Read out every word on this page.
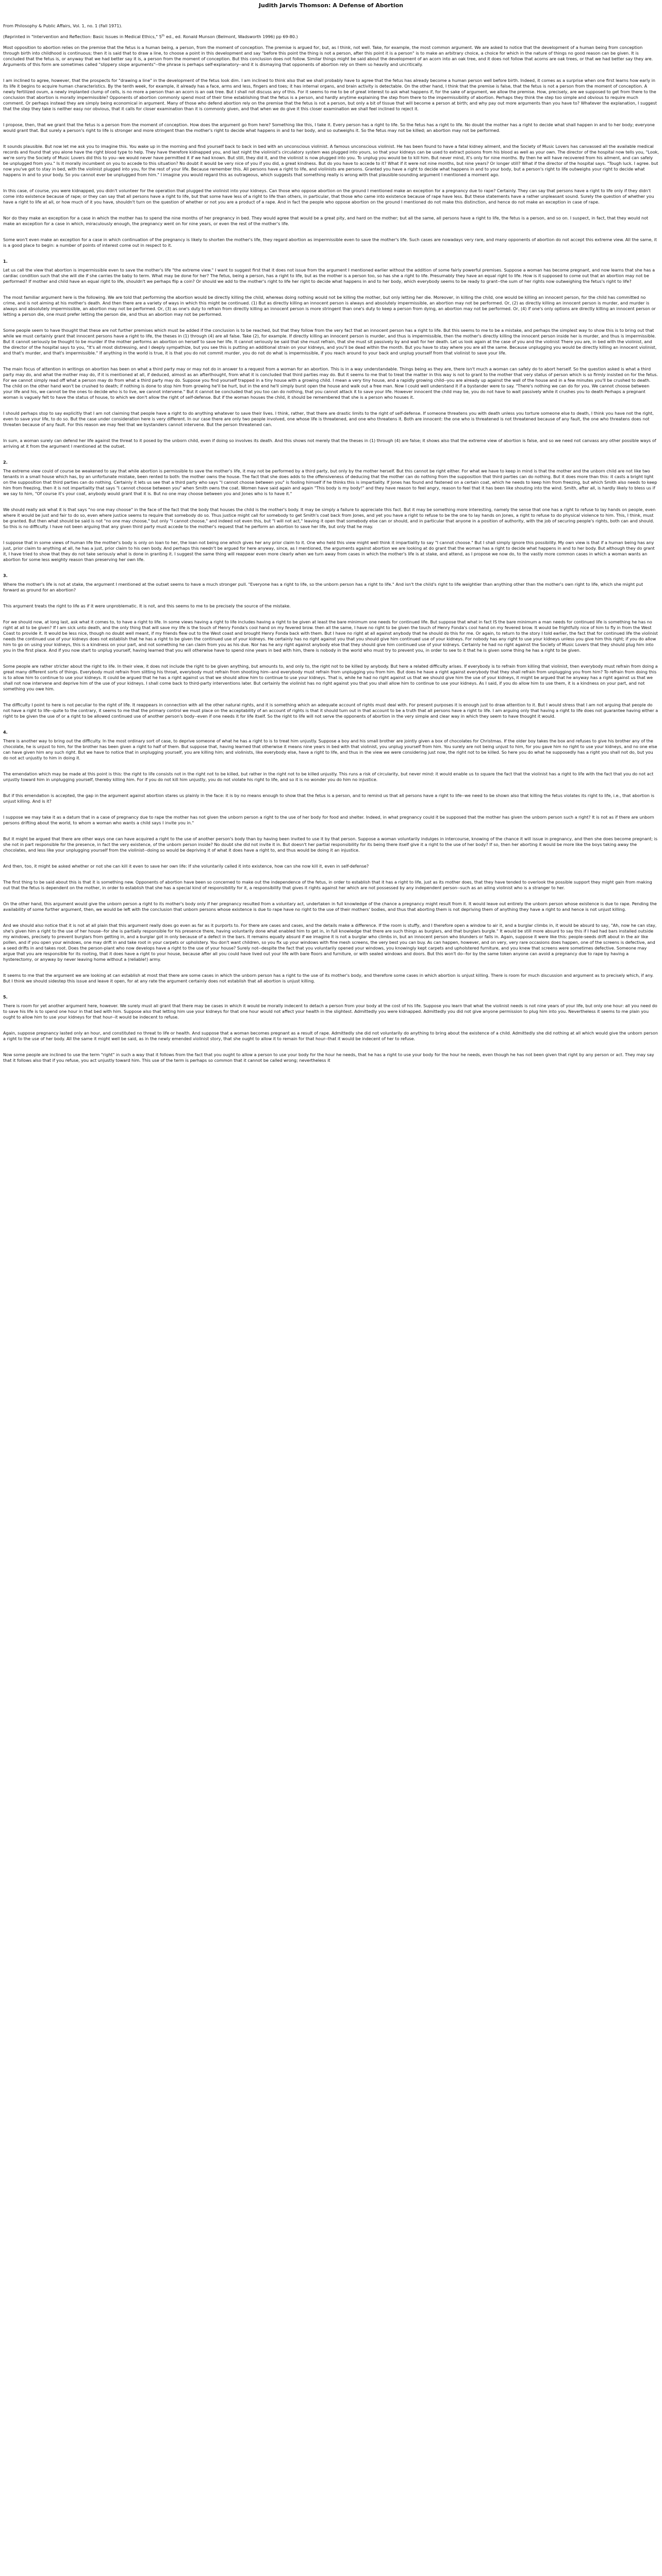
Judith Jarvis Thomson: A Defense of Abortion

From Philosophy & Public Affairs, Vol. 1, no. 1 (Fall 1971).

(Reprinted in "Intervention and Reflection: Basic Issues in Medical Ethics," 5th ed., ed. Ronald Munson (Belmont, Wadsworth 1996) pp 69-80.)

Most opposition to abortion relies on the premise that the fetus is a human being, a person, from the moment of conception. The premise is argued for, but, as I think, not well. Take, for example, the most common argument. We are asked to notice that the development of a human being from conception through birth into childhood is continuous; then it is said that to draw a line, to choose a point in this development and say "before this point the thing is not a person, after this point it is a person" is to make an arbitrary choice, a choice for which in the nature of things no good reason can be given. It is concluded that the fetus is, or anyway that we had better say it is, a person from the moment of conception. But this conclusion does not follow. Similar things might be said about the development of an acorn into an oak tree, and it does not follow that acorns are oak trees, or that we had better say they are. Arguments of this form are sometimes called "slippery slope arguments"--the phrase is perhaps self-explanatory--and it is dismaying that opponents of abortion rely on them so heavily and uncritically.

I am inclined to agree, however, that the prospects for "drawing a line" in the development of the fetus look dim. I am inclined to think also that we shall probably have to agree that the fetus has already become a human person well before birth. Indeed, it comes as a surprise when one first learns how early in its life it begins to acquire human characteristics. By the tenth week, for example, it already has a face, arms and less, fingers and toes; it has internal organs, and brain activity is detectable. On the other hand, I think that the premise is false, that the fetus is not a person from the moment of conception. A newly fertilized ovum, a newly implanted clump of cells, is no more a person than an acorn is an oak tree. But I shall not discuss any of this. For it seems to me to be of great interest to ask what happens if, for the sake of argument, we allow the premise. How, precisely, are we supposed to get from there to the conclusion that abortion is morally impermissible? Opponents of abortion commonly spend most of their time establishing that the fetus is a person, and hardly anytime explaining the step from there to the impermissibility of abortion. Perhaps they think the step too simple and obvious to require much comment. Or perhaps instead they are simply being economical in argument. Many of those who defend abortion rely on the premise that the fetus is not a person, but only a bit of tissue that will become a person at birth; and why pay out more arguments than you have to? Whatever the explanation, I suggest that the step they take is neither easy nor obvious, that it calls for closer examination than it is commonly given, and that when we do give it this closer examination we shall feel inclined to reject it.

I propose, then, that we grant that the fetus is a person from the moment of conception. How does the argument go from here? Something like this, I take it. Every person has a right to life. So the fetus has a right to life. No doubt the mother has a right to decide what shall happen in and to her body; everyone would grant that. But surely a person's right to life is stronger and more stringent than the mother's right to decide what happens in and to her body, and so outweighs it. So the fetus may not be killed; an abortion may not be performed.

It sounds plausible. But now let me ask you to imagine this. You wake up in the morning and find yourself back to back in bed with an unconscious violinist. A famous unconscious violinist. He has been found to have a fatal kidney ailment, and the Society of Music Lovers has canvassed all the available medical records and found that you alone have the right blood type to help. They have therefore kidnapped you, and last night the violinist's circulatory system was plugged into yours, so that your kidneys can be used to extract poisons from his blood as well as your own. The director of the hospital now tells you, "Look, we're sorry the Society of Music Lovers did this to you--we would never have permitted it if we had known. But still, they did it, and the violinist is now plugged into you. To unplug you would be to kill him. But never mind, it's only for nine months. By then he will have recovered from his ailment, and can safely be unplugged from you." Is it morally incumbent on you to accede to this situation? No doubt it would be very nice of you if you did, a great kindness. But do you have to accede to it? What if it were not nine months, but nine years? Or longer still? What if the director of the hospital says. "Tough luck. I agree. but now you've got to stay in bed, with the violinist plugged into you, for the rest of your life. Because remember this. All persons have a right to life, and violinists are persons. Granted you have a right to decide what happens in and to your body, but a person's right to life outweighs your right to decide what happens in and to your body. So you cannot ever be unplugged from him." I imagine you would regard this as outrageous, which suggests that something really is wrong with that plausible-sounding argument I mentioned a moment ago.

In this case, of course, you were kidnapped, you didn't volunteer for the operation that plugged the violinist into your kidneys. Can those who oppose abortion on the ground I mentioned make an exception for a pregnancy due to rape? Certainly. They can say that persons have a right to life only if they didn't come into existence because of rape; or they can say that all persons have a right to life, but that some have less of a right to life than others, in particular, that those who came into existence because of rape have less. But these statements have a rather unpleasant sound. Surely the question of whether you have a right to life at all, or how much of it you have, shouldn't turn on the question of whether or not you are a product of a rape. And in fact the people who oppose abortion on the ground I mentioned do not make this distinction, and hence do not make an exception in case of rape.

Nor do they make an exception for a case in which the mother has to spend the nine months of her pregnancy in bed. They would agree that would be a great pity, and hard on the mother; but all the same, all persons have a right to life, the fetus is a person, and so on. I suspect, in fact, that they would not make an exception for a case in which, miraculously enough, the pregnancy went on for nine years, or even the rest of the mother's life.

Some won't even make an exception for a case in which continuation of the pregnancy is likely to shorten the mother's life, they regard abortion as impermissible even to save the mother's life. Such cases are nowadays very rare, and many opponents of abortion do not accept this extreme view. All the same, it is a good place to begin: a number of points of interest come out in respect to it.

1.

Let us call the view that abortion is impermissible even to save the mother's life "the extreme view." I want to suggest first that it does not issue from the argument I mentioned earlier without the addition of some fairly powerful premises. Suppose a woman has become pregnant, and now learns that she has a cardiac condition such that she will die if she carries the baby to term. What may be done for her? The fetus, being a person, has a right to life, but as the mother is a person too, so has she a right to life. Presumably they have an equal right to life. How is it supposed to come out that an abortion may not be performed? If mother and child have an equal right to life, shouldn't we perhaps flip a coin? Or should we add to the mother's right to life her right to decide what happens in and to her body, which everybody seems to be ready to grant--the sum of her rights now outweighing the fetus's right to life?

The most familiar argument here is the following. We are told that performing the abortion would be directly killing the child, whereas doing nothing would not be killing the mother, but only letting her die. Moreover, in killing the child, one would be killing an innocent person, for the child has committed no crime, and is not aiming at his mother's death. And then there are a variety of ways in which this might be continued. (1) But as directly killing an innocent person is always and absolutely impermissible, an abortion may not be performed. Or, (2) as directly killing an innocent person is murder, and murder is always and absolutely impermissible, an abortion may not be performed. Or, (3) as one's duty to refrain from directly killing an innocent person is more stringent than one's duty to keep a person from dying, an abortion may not be performed. Or, (4) if one's only options are directly killing an innocent person or letting a person die, one must prefer letting the person die, and thus an abortion may not be performed.

Some people seem to have thought that these are not further premises which must be added if the conclusion is to be reached, but that they follow from the very fact that an innocent person has a right to life. But this seems to me to be a mistake, and perhaps the simplest way to show this is to bring out that while we must certainly grant that innocent persons have a right to life, the theses in (1) through (4) are all false. Take (2), for example. If directly killing an innocent person is murder, and thus is impermissible, then the mother's directly killing the innocent person inside her is murder, and thus is impermissible. But it cannot seriously be thought to be murder if the mother performs an abortion on herself to save her life. It cannot seriously be said that she must refrain, that she must sit passively by and wait for her death. Let us look again at the case of you and the violinist There you are, in bed with the violinist, and the director of the hospital says to you, "It's all most distressing, and I deeply sympathize, but you see this is putting an additional strain on your kidneys, and you'll be dead within the month. But you have to stay where you are all the same. Because unplugging you would be directly killing an innocent violinist, and that's murder, and that's impermissible." If anything in the world is true, it is that you do not commit murder, you do not do what is impermissible, if you reach around to your back and unplug yourself from that violinist to save your life.

The main focus of attention in writings on abortion has been on what a third party may or may not do in answer to a request from a woman for an abortion. This is in a way understandable. Things being as they are, there isn't much a woman can safely do to abort herself. So the question asked is what a third party may do, and what the mother may do, if it is mentioned at all, if deduced, almost as an afterthought, from what it is concluded that third parties may do. But it seems to me that to treat the matter in this way is not to grant to the mother that very status of person which is so firmly insisted on for the fetus. For we cannot simply read off what a person may do from what a third party may do. Suppose you find yourself trapped in a tiny house with a growing child. I mean a very tiny house, and a rapidly growing child--you are already up against the wall of the house and in a few minutes you'll be crushed to death. The child on the other hand won't be crushed to death; if nothing is done to stop him from growing he'll be hurt, but in the end he'll simply burst open the house and walk out a free man. Now I could well understand it if a bystander were to say. "There's nothing we can do for you. We cannot choose between your life and his, we cannot be the ones to decide who is to live, we cannot intervene." But it cannot be concluded that you too can do nothing, that you cannot attack it to save your life. However innocent the child may be, you do not have to wait passively while it crushes you to death Perhaps a pregnant woman is vaguely felt to have the status of house, to which we don't allow the right of self-defense. But if the woman houses the child, it should be remembered that she is a person who houses it.

I should perhaps stop to say explicitly that I am not claiming that people have a right to do anything whatever to save their lives. I think, rather, that there are drastic limits to the right of self-defense. If someone threatens you with death unless you torture someone else to death, I think you have not the right, even to save your life, to do so. But the case under consideration here is very different. In our case there are only two people involved, one whose life is threatened, and one who threatens it. Both are innocent: the one who is threatened is not threatened because of any fault, the one who threatens does not threaten because of any fault. For this reason we may feel that we bystanders cannot intervene. But the person threatened can.

In sum, a woman surely can defend her life against the threat to it posed by the unborn child, even if doing so involves its death. And this shows not merely that the theses in (1) through (4) are false; it shows also that the extreme view of abortion is false, and so we need not canvass any other possible ways of arriving at it from the argument I mentioned at the outset.

2.

The extreme view could of course be weakened to say that while abortion is permissible to save the mother's life, it may not be performed by a third party, but only by the mother herself. But this cannot be right either. For what we have to keep in mind is that the mother and the unborn child are not like two tenants in a small house which has, by an unfortunate mistake, been rented to both: the mother owns the house. The fact that she does adds to the offensiveness of deducing that the mother can do nothing from the supposition that third parties can do nothing. But it does more than this: it casts a bright light on the supposition that third parties can do nothing. Certainly it lets us see that a third party who says "I cannot choose between you" is fooling himself if he thinks this is impartiality. If Jones has found and fastened on a certain coat, which he needs to keep him from freezing, but which Smith also needs to keep him from freezing, then it is not impartiality that says "I cannot choose between you" when Smith owns the coat. Women have said again and again "This body is my body!" and they have reason to feel angry, reason to feel that it has been like shouting into the wind. Smith, after all, is hardly likely to bless us if we say to him, "Of course it's your coat, anybody would grant that it is. But no one may choose between you and Jones who is to have it."

We should really ask what it is that says "no one may choose" in the face of the fact that the body that houses the child is the mother's body. It may be simply a failure to appreciate this fact. But it may be something more interesting, namely the sense that one has a right to refuse to lay hands on people, even where it would be just and fair to do so, even where justice seems to require that somebody do so. Thus justice might call for somebody to get Smith's coat back from Jones, and yet you have a right to refuse to be the one to lay hands on Jones, a right to refuse to do physical violence to him. This, I think, must be granted. But then what should be said is not "no one may choose," but only "I cannot choose," and indeed not even this, but "I will not act," leaving it open that somebody else can or should, and in particular that anyone in a position of authority, with the job of securing people's rights, both can and should. So this is no difficulty. I have not been arguing that any given third party must accede to the mother's request that he perform an abortion to save her life, but only that he may.

I suppose that in some views of human life the mother's body is only on loan to her, the loan not being one which gives her any prior claim to it. One who held this view might well think it impartiality to say "I cannot choose." But I shall simply ignore this possibility. My own view is that if a human being has any just, prior claim to anything at all, he has a just, prior claim to his own body. And perhaps this needn't be argued for here anyway, since, as I mentioned, the arguments against abortion we are looking at do grant that the woman has a right to decide what happens in and to her body. But although they do grant it, I have tried to show that they do not take seriously what is done in granting it. I suggest the same thing will reappear even more clearly when we turn away from cases in which the mother's life is at stake, and attend, as I propose we now do, to the vastly more common cases in which a woman wants an abortion for some less weighty reason than preserving her own life.

3.

Where the mother's life is not at stake, the argument I mentioned at the outset seems to have a much stronger pull. "Everyone has a right to life, so the unborn person has a right to life." And isn't the child's right to life weightier than anything other than the mother's own right to life, which she might put forward as ground for an abortion?

This argument treats the right to life as if it were unproblematic. It is not, and this seems to me to be precisely the source of the mistake.

For we should now, at long last, ask what it comes to, to have a right to life. In some views having a right to life includes having a right to be given at least the bare minimum one needs for continued life. But suppose that what in fact IS the bare minimum a man needs for continued life is something he has no right at all to be given? If I am sick unto death, and the only thing that will save my life is the touch of Henry Fonda's cool hand on my fevered brow. then all the same, I have no right to be given the touch of Henry Fonda's cool hand on my fevered brow. It would be frightfully nice of him to fly in from the West Coast to provide it. It would be less nice, though no doubt well meant, if my friends flew out to the West coast and brought Henry Fonda back with them. But I have no right at all against anybody that he should do this for me. Or again, to return to the story I told earlier, the fact that for continued life the violinist needs the continued use of your kidneys does not establish that he has a right to be given the continued use of your kidneys. He certainly has no right against you that you should give him continued use of your kidneys. For nobody has any right to use your kidneys unless you give him this right; if you do allow him to go on using your kidneys, this is a kindness on your part, and not something he can claim from you as his due. Nor has he any right against anybody else that they should give him continued use of your kidneys. Certainly he had no right against the Society of Music Lovers that they should plug him into you in the first place. And if you now start to unplug yourself, having learned that you will otherwise have to spend nine years in bed with him, there is nobody in the world who must try to prevent you, in order to see to it that he is given some thing he has a right to be given.

Some people are rather stricter about the right to life. In their view, it does not include the right to be given anything, but amounts to, and only to, the right not to be killed by anybody. But here a related difficulty arises. If everybody is to refrain from killing that violinist, then everybody must refrain from doing a great many different sorts of things. Everybody must refrain from slitting his throat, everybody must refrain from shooting him--and everybody must refrain from unplugging you from him. But does he have a right against everybody that they shall refrain from unplugging you from him? To refrain from doing this is to allow him to continue to use your kidneys. It could be argued that he has a right against us that we should allow him to continue to use your kidneys. That is, while he had no right against us that we should give him the use of your kidneys, it might be argued that he anyway has a right against us that we shall not now intervene and deprive him of the use of your kidneys. I shall come back to third-party interventions later. But certainly the violinist has no right against you that you shall allow him to continue to use your kidneys. As I said, if you do allow him to use them, it is a kindness on your part, and not something you owe him.

The difficulty I point to here is not peculiar to the right of life. It reappears in connection with all the other natural rights, and it is something which an adequate account of rights must deal with. For present purposes it is enough just to draw attention to it. But I would stress that I am not arguing that people do not have a right to life--quite to the contrary, it seems to me that the primary control we must place on the acceptability of an account of rights is that it should turn out in that account to be a truth that all persons have a right to life. I am arguing only that having a right to life does not guarantee having either a right to be given the use of or a right to be allowed continued use of another person's body--even if one needs it for life itself. So the right to life will not serve the opponents of abortion in the very simple and clear way in which they seem to have thought it would.

4.

There is another way to bring out the difficulty. In the most ordinary sort of case, to deprive someone of what he has a right to is to treat him unjustly. Suppose a boy and his small brother are jointly given a box of chocolates for Christmas. If the older boy takes the box and refuses to give his brother any of the chocolate, he is unjust to him, for the brother has been given a right to half of them. But suppose that, having learned that otherwise it means nine years in bed with that violinist, you unplug yourself from him. You surely are not being unjust to him, for you gave him no right to use your kidneys, and no one else can have given him any such right. But we have to notice that in unplugging yourself, you are killing him; and violinists, like everybody else, have a right to life, and thus in the view we were considering just now, the right not to be killed. So here you do what he supposedly has a right you shall not do, but you do not act unjustly to him in doing it.

The emendation which may be made at this point is this: the right to life consists not in the right not to be killed, but rather in the right not to be killed unjustly. This runs a risk of circularity, but never mind: it would enable us to square the fact that the violinist has a right to life with the fact that you do not act unjustly toward him in unplugging yourself, thereby killing him. For if you do not kill him unjustly, you do not violate his right to life, and so it is no wonder you do him no injustice.

But if this emendation is accepted, the gap in the argument against abortion stares us plainly in the face: it is by no means enough to show that the fetus is a person, and to remind us that all persons have a right to life--we need to be shown also that killing the fetus violates its right to life, i.e., that abortion is unjust killing. And is it?

I suppose we may take it as a datum that in a case of pregnancy due to rape the mother has not given the unborn person a right to the use of her body for food and shelter. Indeed, in what pregnancy could it be supposed that the mother has given the unborn person such a right? It is not as if there are unborn persons drifting about the world, to whom a woman who wants a child says I invite you in."

But it might be argued that there are other ways one can have acquired a right to the use of another person's body than by having been invited to use it by that person. Suppose a woman voluntarily indulges in intercourse, knowing of the chance it will issue in pregnancy, and then she does become pregnant; is she not in part responsible for the presence, in fact the very existence, of the unborn person inside? No doubt she did not invite it in. But doesn't her partial responsibility for its being there itself give it a right to the use of her body? If so, then her aborting it would be more like the boys taking away the chocolates, and less like your unplugging yourself from the violinist--doing so would be depriving it of what it does have a right to, and thus would be doing it an injustice.

And then, too, it might be asked whether or not she can kill it even to save her own life: If she voluntarily called it into existence, how can she now kill it, even in self-defense?

The first thing to be said about this is that it is something new. Opponents of abortion have been so concerned to make out the independence of the fetus, in order to establish that it has a right to life, just as its mother does, that they have tended to overlook the possible support they might gain from making out that the fetus is dependent on the mother, in order to establish that she has a special kind of responsibility for it, a responsibility that gives it rights against her which are not possessed by any independent person--such as an ailing violinist who is a stranger to her.

On the other hand, this argument would give the unborn person a right to its mother's body only if her pregnancy resulted from a voluntary act, undertaken in full knowledge of the chance a pregnancy might result from it. It would leave out entirely the unborn person whose existence is due to rape. Pending the availability of some further argument, then, we would be left with the conclusion that unborn persons whose existence is due to rape have no right to the use of their mothers' bodies, and thus that aborting them is not depriving them of anything they have a right to and hence is not unjust killing.

And we should also notice that it is not at all plain that this argument really does go even as far as it purports to. For there are cases and cases, and the details make a difference. If the room is stuffy, and I therefore open a window to air it, and a burglar climbs in, it would be absurd to say, "Ah, now he can stay, she's given him a right to the use of her house--for she is partially responsible for his presence there, having voluntarily done what enabled him to get in, in full knowledge that there are such things as burglars, and that burglars burgle." It would be still more absurd to say this if I had had bars installed outside my windows, precisely to prevent burglars from getting in, and a burglar got in only because of a defect in the bars. It remains equally absurd if we imagine it is not a burglar who climbs in, but an innocent person who blunders or falls in. Again, suppose it were like this: people-seeds drift about in the air like pollen, and if you open your windows, one may drift in and take root in your carpets or upholstery. You don't want children, so you fix up your windows with fine mesh screens, the very best you can buy. As can happen, however, and on very, very rare occasions does happen, one of the screens is defective, and a seed drifts in and takes root. Does the person-plant who now develops have a right to the use of your house? Surely not--despite the fact that you voluntarily opened your windows, you knowingly kept carpets and upholstered furniture, and you knew that screens were sometimes defective. Someone may argue that you are responsible for its rooting, that it does have a right to your house, because after all you could have lived out your life with bare floors and furniture, or with sealed windows and doors. But this won't do--for by the same token anyone can avoid a pregnancy due to rape by having a hysterectomy, or anyway by never leaving home without a (reliable!) army.

It seems to me that the argument we are looking at can establish at most that there are some cases in which the unborn person has a right to the use of its mother's body, and therefore some cases in which abortion is unjust killing. There is room for much discussion and argument as to precisely which, if any. But I think we should sidestep this issue and leave it open, for at any rate the argument certainly does not establish that all abortion is unjust killing.

5.

There is room for yet another argument here, however. We surely must all grant that there may be cases in which it would be morally indecent to detach a person from your body at the cost of his life. Suppose you learn that what the violinist needs is not nine years of your life, but only one hour: all you need do to save his life is to spend one hour in that bed with him. Suppose also that letting him use your kidneys for that one hour would not affect your health in the slightest. Admittedly you were kidnapped. Admittedly you did not give anyone permission to plug him into you. Nevertheless it seems to me plain you ought to allow him to use your kidneys for that hour--it would be indecent to refuse.

Again, suppose pregnancy lasted only an hour, and constituted no threat to life or health. And suppose that a woman becomes pregnant as a result of rape. Admittedly she did not voluntarily do anything to bring about the existence of a child. Admittedly she did nothing at all which would give the unborn person a right to the use of her body. All the same it might well be said, as in the newly emended violinist story, that she ought to allow it to remain for that hour--that it would be indecent of her to refuse.

Now some people are inclined to use the term "right" in such a way that it follows from the fact that you ought to allow a person to use your body for the hour he needs, that he has a right to use your body for the hour he needs, even though he has not been given that right by any person or act. They may say that it follows also that if you refuse, you act unjustly toward him. This use of the term is perhaps so common that it cannot be called wrong; nevertheless it
